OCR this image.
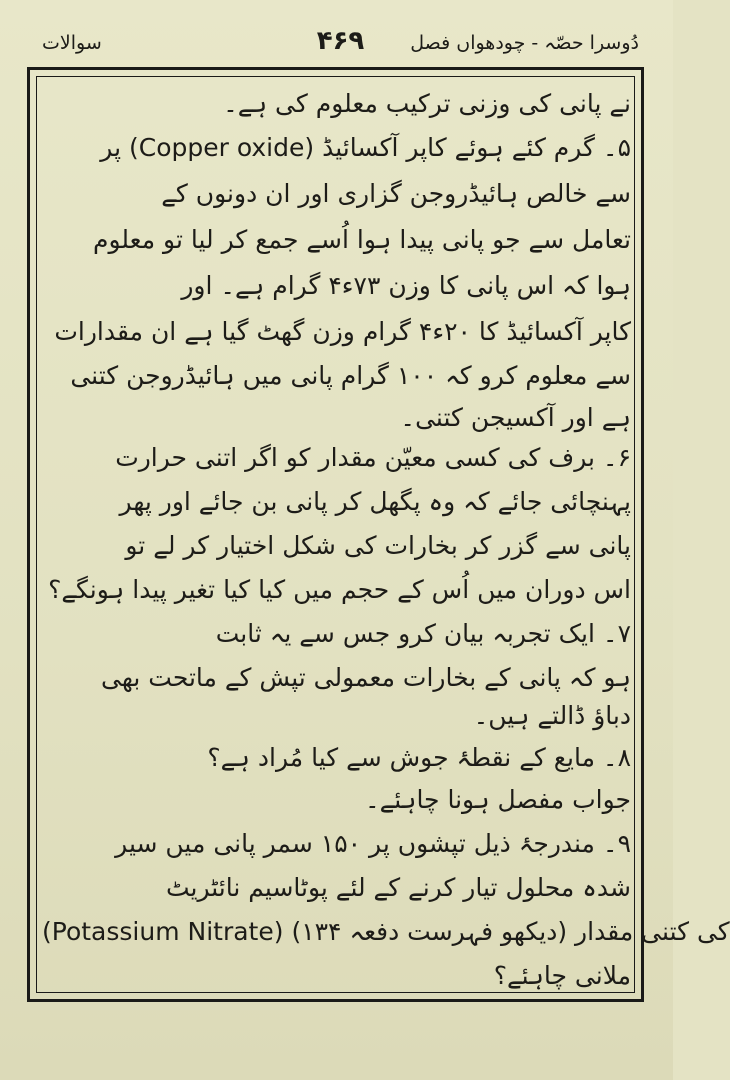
سوالات	۴۶۹ دُوسرا حصّہ - چودھواں فصل
نے پانی کی وزنی ترکیب معلوم کی ہے۔
۵۔ گرم کئے ہوئے کاپر آکسائیڈ (Copper oxide) پر
سے خالص ہائیڈروجن گزاری اور ان دونوں کے
تعامل سے جو پانی پیدا ہوا اُسے جمع کر لیا تو معلوم
ہوا کہ اس پانی کا وزن ۷۳ء۴ گرام ہے۔ اور
کاپر آکسائیڈ کا ۲۰ء۴ گرام وزن گھٹ گیا ہے ان مقدارات
سے معلوم کرو کہ ۱۰۰ گرام پانی میں ہائیڈروجن کتنی
ہے اور آکسیجن کتنی۔
۶۔ برف کی کسی معیّن مقدار کو اگر اتنی حرارت
پہنچائی جائے کہ وہ پگھل کر پانی بن جائے اور پھر
پانی سے گزر کر بخارات کی شکل اختیار کر لے تو
اس دوران میں اُس کے حجم میں کیا کیا تغیر پیدا ہونگے؟
۷۔ ایک تجربہ بیان کرو جس سے یہ ثابت
ہو کہ پانی کے بخارات معمولی تپش کے ماتحت بھی
دباؤ ڈالتے ہیں۔
۸۔ مایع کے نقطۂ جوش سے کیا مُراد ہے؟
جواب مفصل ہونا چاہئے۔
۹۔ مندرجۂ ذیل تپشوں پر ۱۵۰ سمر پانی میں سیر
شدہ محلول تیار کرنے کے لئے پوٹاسیم نائٹریٹ
(Potassium Nitrate) کی کتنی مقدار (دیکھو فہرست دفعہ ۱۳۴)
ملانی چاہئے؟
